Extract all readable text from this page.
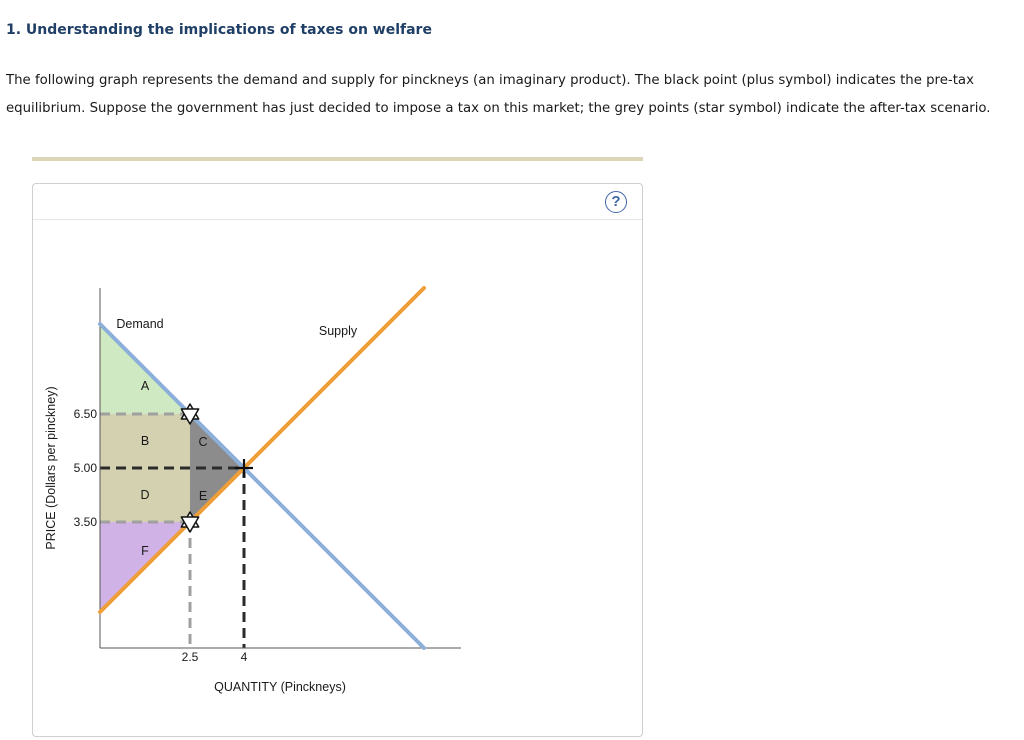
1. Understanding the implications of taxes on welfare

The following graph represents the demand and supply for pinckneys (an imaginary product). The black point (plus symbol) indicates the pre-tax
equilibrium. Suppose the government has just decided to impose a tax on this market; the grey points (star symbol) indicate the after-tax scenario.

?
QUANTITY (Pinckneys)
PRICE (Dollars per pinckney) 6.50
5.00
3.50
2.5	4
A
B	C
D	E
F
Demand	Supply
